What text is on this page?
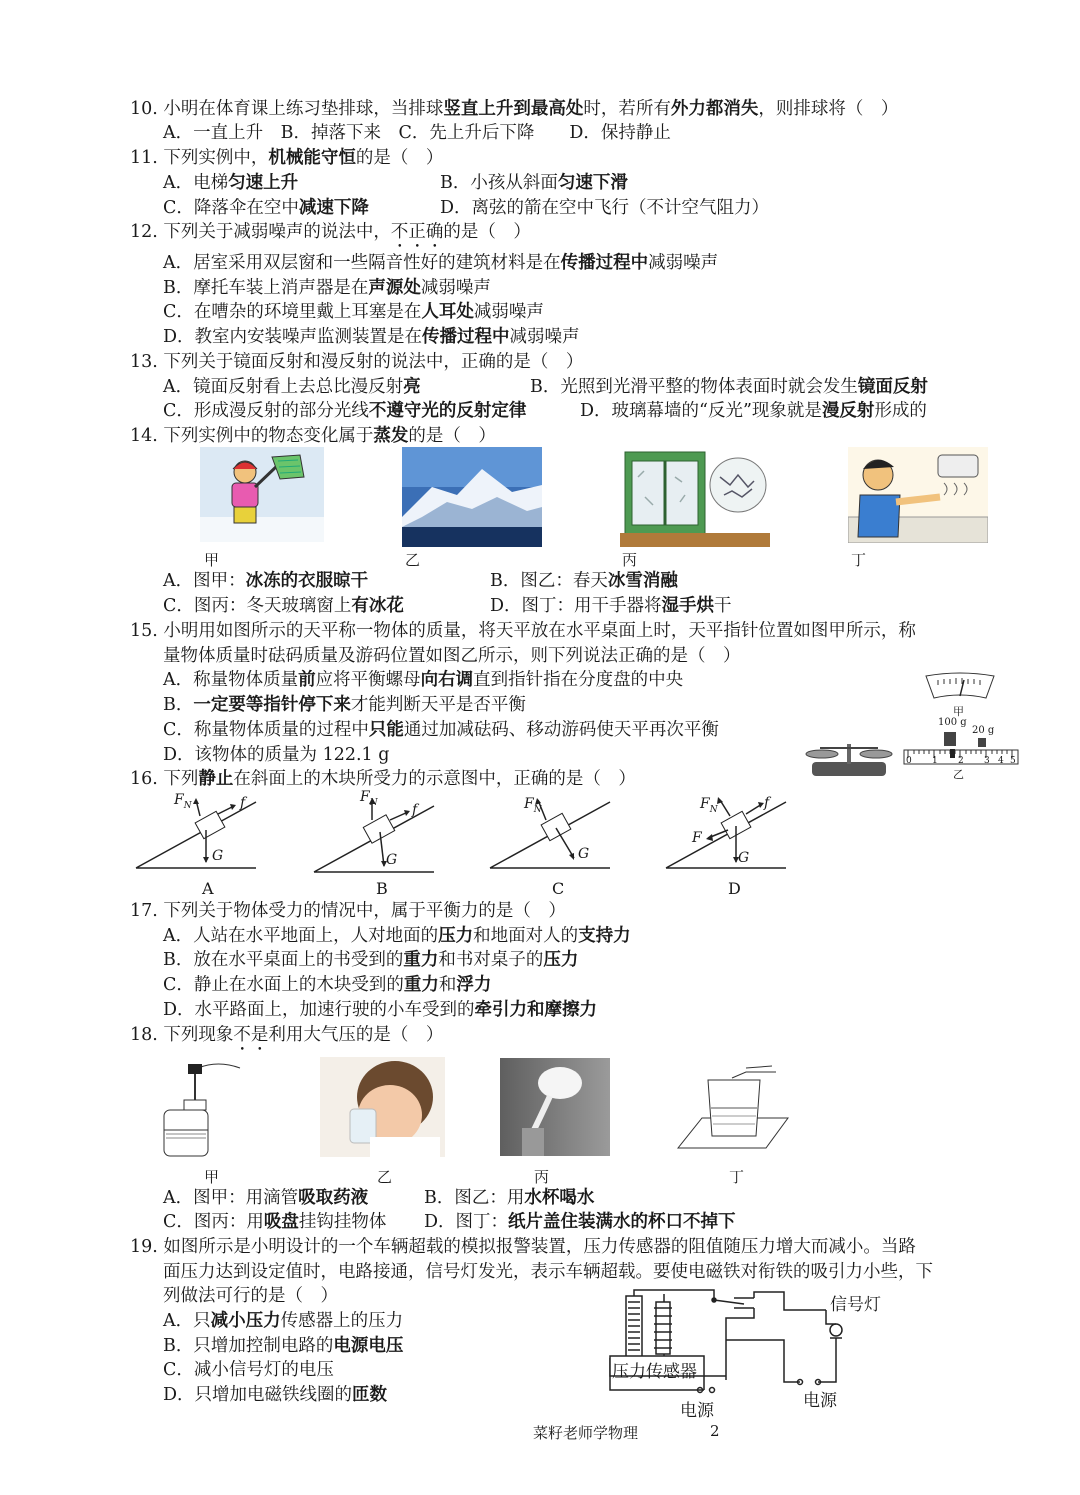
10. 小明在体育课上练习垫排球，当排球竖直上升到最高处时，若所有外力都消失，则排球将（　）
A．一直上升　B．掉落下来　C．先上升后下降　　D．保持静止
11. 下列实例中，机械能守恒的是（　）
A．电梯匀速上升	B．小孩从斜面匀速下滑
C．降落伞在空中减速下降	D．离弦的箭在空中飞行（不计空气阻力）
12. 下列关于减弱噪声的说法中，不正确的是（　）
A．居室采用双层窗和一些隔音性好的建筑材料是在传播过程中减弱噪声
B．摩托车装上消声器是在声源处减弱噪声
C．在嘈杂的环境里戴上耳塞是在人耳处减弱噪声
D．教室内安装噪声监测装置是在传播过程中减弱噪声
13. 下列关于镜面反射和漫反射的说法中，正确的是（　）
A．镜面反射看上去总比漫反射亮	B．光照到光滑平整的物体表面时就会发生镜面反射
C．形成漫反射的部分光线不遵守光的反射定律	D．玻璃幕墙的“反光”现象就是漫反射形成的
14. 下列实例中的物态变化属于蒸发的是（　）
甲	乙	丙	丁
A．图甲：冰冻的衣服晾干	B．图乙：春天冰雪消融
C．图丙：冬天玻璃窗上有冰花	D．图丁：用干手器将湿手烘干
15. 小明用如图所示的天平称一物体的质量，将天平放在水平桌面上时，天平指针位置如图甲所示，称
量物体质量时砝码质量及游码位置如图乙所示，则下列说法正确的是（　）
A．称量物体质量前应将平衡螺母向右调直到指针指在分度盘的中央
B．一定要等指针停下来才能判断天平是否平衡
C．称量物体质量的过程中只能通过加减砝码、移动游码使天平再次平衡
D．该物体的质量为 122.1 g
甲
100 g
20 g
0 1 2 3 4 5
乙
16. 下列静止在斜面上的木块所受力的示意图中，正确的是（　）
$F_N$	f
G
$F_N$ f
G
$F_N$
G
$F_N$	f
F
G
A	B	C	D
17. 下列关于物体受力的情况中，属于平衡力的是（　）
A．人站在水平地面上，人对地面的压力和地面对人的支持力
B．放在水平桌面上的书受到的重力和书对桌子的压力
C．静止在水面上的木块受到的重力和浮力
D．水平路面上，加速行驶的小车受到的牵引力和摩擦力
18. 下列现象不是利用大气压的是（　）
甲	乙	丙	丁
A．图甲：用滴管吸取药液	B．图乙：用水杯喝水
C．图丙：用吸盘挂钩挂物体 D．图丁：纸片盖住装满水的杯口不掉下
19. 如图所示是小明设计的一个车辆超载的模拟报警装置，压力传感器的阻值随压力增大而减小。当路
面压力达到设定值时，电路接通，信号灯发光，表示车辆超载。要使电磁铁对衔铁的吸引力小些，下
列做法可行的是（　）
A．只减小压力传感器上的压力
B．只增加控制电路的电源电压
C．减小信号灯的电压
D．只增加电磁铁线圈的匝数
压力传感器
信号灯
电源	电源
菜籽老师学物理	2
